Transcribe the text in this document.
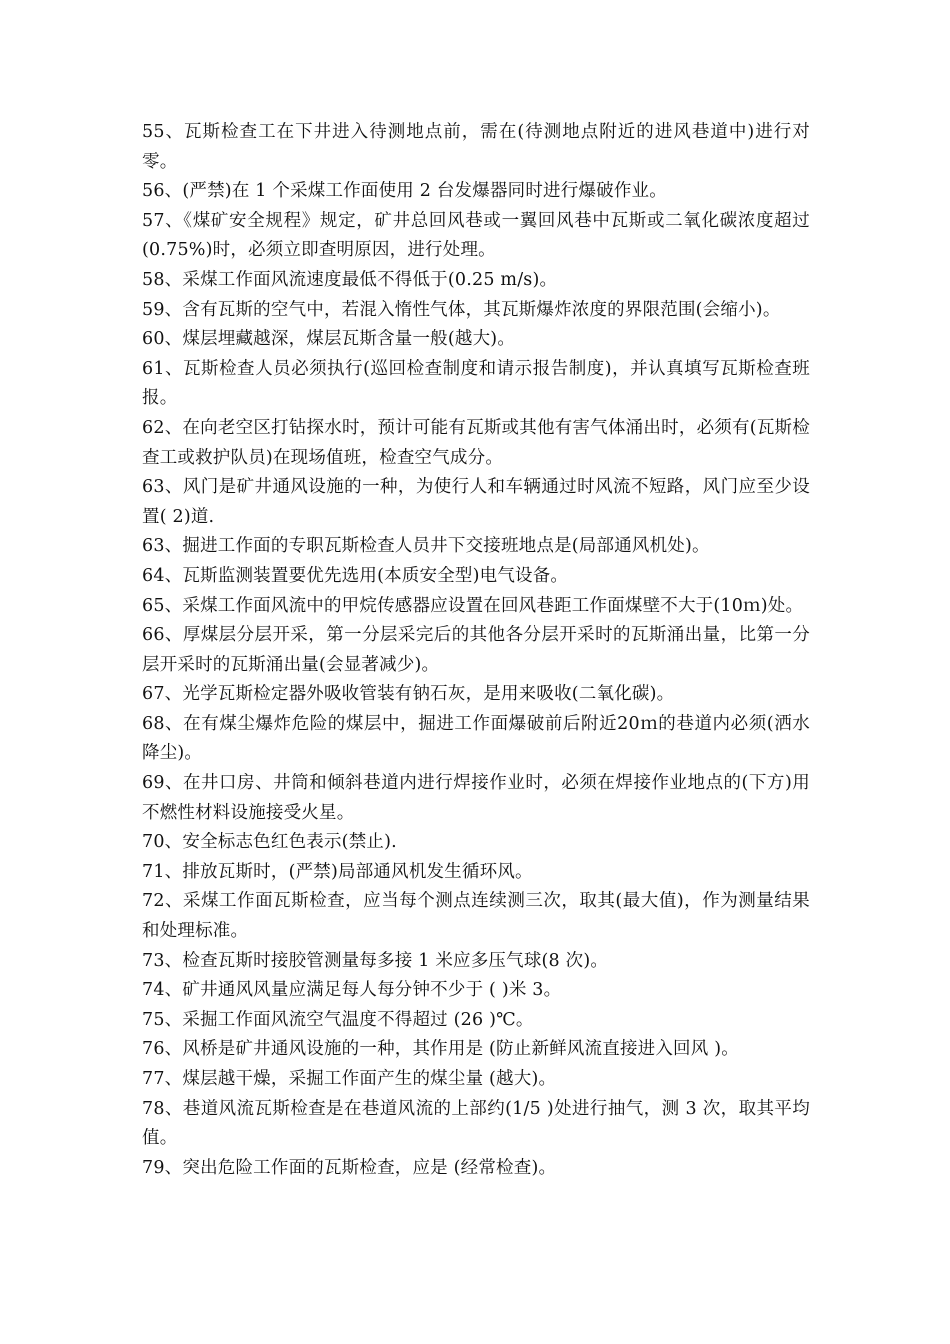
55、瓦斯检查工在下井进入待测地点前，需在(待测地点附近的进风巷道中)进行对零。

56、(严禁)在 1 个采煤工作面使用 2 台发爆器同时进行爆破作业。

57、《煤矿安全规程》规定，矿井总回风巷或一翼回风巷中瓦斯或二氧化碳浓度超过(0.75%)时，必须立即查明原因，进行处理。

58、采煤工作面风流速度最低不得低于(0.25 m/s)。

59、含有瓦斯的空气中，若混入惰性气体，其瓦斯爆炸浓度的界限范围(会缩小)。

60、煤层埋藏越深，煤层瓦斯含量一般(越大)。

61、瓦斯检查人员必须执行(巡回检查制度和请示报告制度)，并认真填写瓦斯检查班报。

62、在向老空区打钻探水时，预计可能有瓦斯或其他有害气体涌出时，必须有(瓦斯检查工或救护队员)在现场值班，检查空气成分。

63、风门是矿井通风设施的一种，为使行人和车辆通过时风流不短路，风门应至少设置( 2)道.

63、掘进工作面的专职瓦斯检查人员井下交接班地点是(局部通风机处)。

64、瓦斯监测装置要优先选用(本质安全型)电气设备。

65、采煤工作面风流中的甲烷传感器应设置在回风巷距工作面煤壁不大于(10ｍ)处。

66、厚煤层分层开采，第一分层采完后的其他各分层开采时的瓦斯涌出量，比第一分层开采时的瓦斯涌出量(会显著减少)。

67、光学瓦斯检定器外吸收管装有钠石灰，是用来吸收(二氧化碳)。

68、在有煤尘爆炸危险的煤层中，掘进工作面爆破前后附近20ｍ的巷道内必须(洒水降尘)。

69、在井口房、井筒和倾斜巷道内进行焊接作业时，必须在焊接作业地点的(下方)用不燃性材料设施接受火星。

70、安全标志色红色表示(禁止).

71、排放瓦斯时，(严禁)局部通风机发生循环风。

72、采煤工作面瓦斯检查，应当每个测点连续测三次，取其(最大值)，作为测量结果和处理标准。

73、检查瓦斯时接胶管测量每多接 1 米应多压气球(8 次)。

74、矿井通风风量应满足每人每分钟不少于 ( )米 3。

75、采掘工作面风流空气温度不得超过 (26 )℃。

76、风桥是矿井通风设施的一种，其作用是 (防止新鲜风流直接进入回风 )。

77、煤层越干燥，采掘工作面产生的煤尘量 (越大)。

78、巷道风流瓦斯检查是在巷道风流的上部约(1/5 )处进行抽气，测 3 次，取其平均值。

79、突出危险工作面的瓦斯检查，应是 (经常检查)。
